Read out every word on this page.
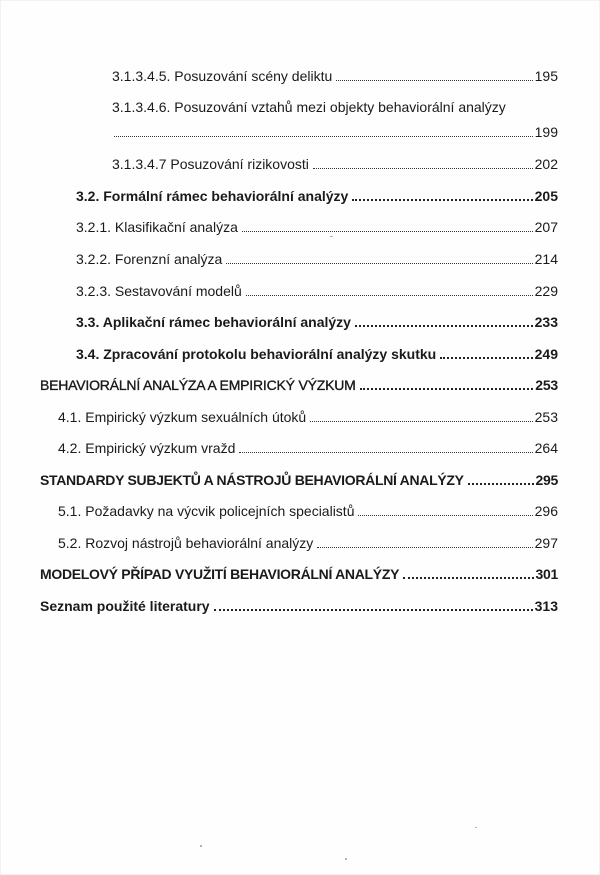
3.1.3.4.5. Posuzování scény deliktu	195
3.1.3.4.6. Posuzování vztahů mezi objekty behaviorální analýzy
199
3.1.3.4.7 Posuzování rizikovosti	202
3.2. Formální rámec behaviorální analýzy	205
3.2.1. Klasifikační analýza	207
3.2.2. Forenzní analýza	214
3.2.3. Sestavování modelů	229
3.3. Aplikační rámec behaviorální analýzy	233
3.4. Zpracování protokolu behaviorální analýzy skutku	249
BEHAVIORÁLNÍ ANALÝZA A EMPIRICKÝ VÝZKUM	253
4.1. Empirický výzkum sexuálních útoků	253
4.2. Empirický výzkum vražd	264
STANDARDY SUBJEKTŮ A NÁSTROJŮ BEHAVIORÁLNÍ ANALÝZY	295
5.1. Požadavky na výcvik policejních specialistů	296
5.2. Rozvoj nástrojů behaviorální analýzy	297
MODELOVÝ PŘÍPAD VYUŽITÍ BEHAVIORÁLNÍ ANALÝZY	301
Seznam použité literatury	313
